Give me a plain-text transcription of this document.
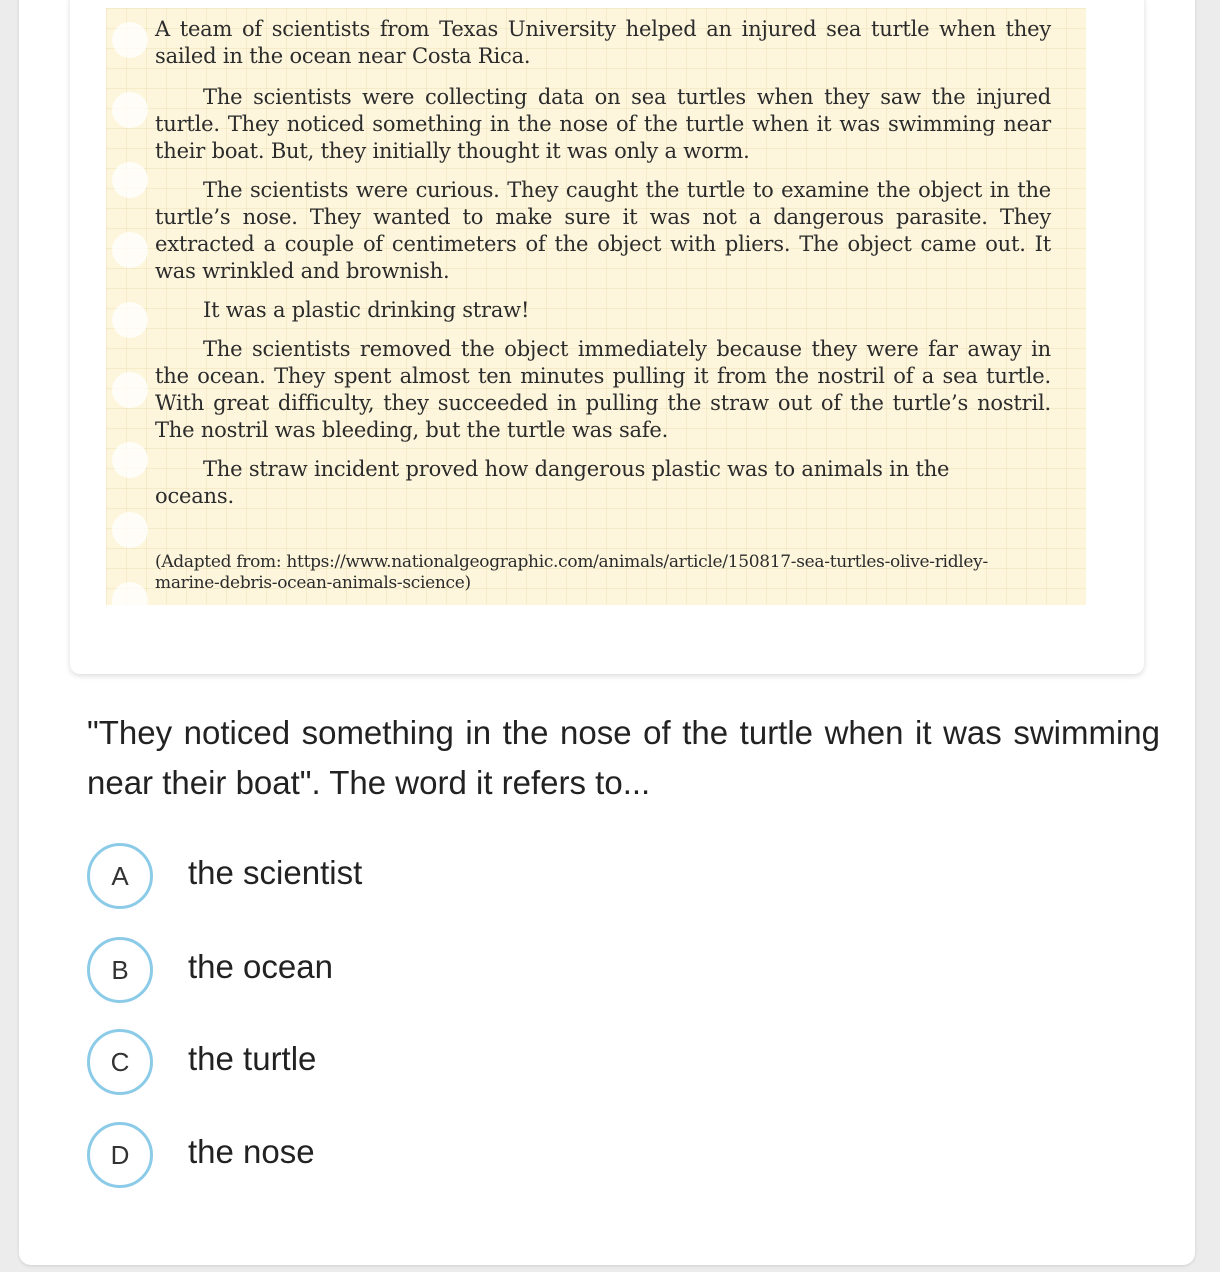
A team of scientists from Texas University helped an injured sea turtle when they sailed in the ocean near Costa Rica.

The scientists were collecting data on sea turtles when they saw the injured turtle. They noticed something in the nose of the turtle when it was swimming near their boat. But, they initially thought it was only a worm.

The scientists were curious. They caught the turtle to examine the object in the turtle’s nose. They wanted to make sure it was not a dangerous parasite. They extracted a couple of centimeters of the object with pliers. The object came out. It was wrinkled and brownish.

It was a plastic drinking straw!

The scientists removed the object immediately because they were far away in the ocean. They spent almost ten minutes pulling it from the nostril of a sea turtle. With great difficulty, they succeeded in pulling the straw out of the turtle’s nostril. The nostril was bleeding, but the turtle was safe.

The straw incident proved how dangerous plastic was to animals in the oceans.

(Adapted from: https://www.nationalgeographic.com/animals/article/150817-sea-turtles-olive-ridley-marine-debris-ocean-animals-science)
"They noticed something in the nose of the turtle when it was swimming near their boat". The word it refers to...
A	the scientist
B	the ocean
C	the turtle
D	the nose
